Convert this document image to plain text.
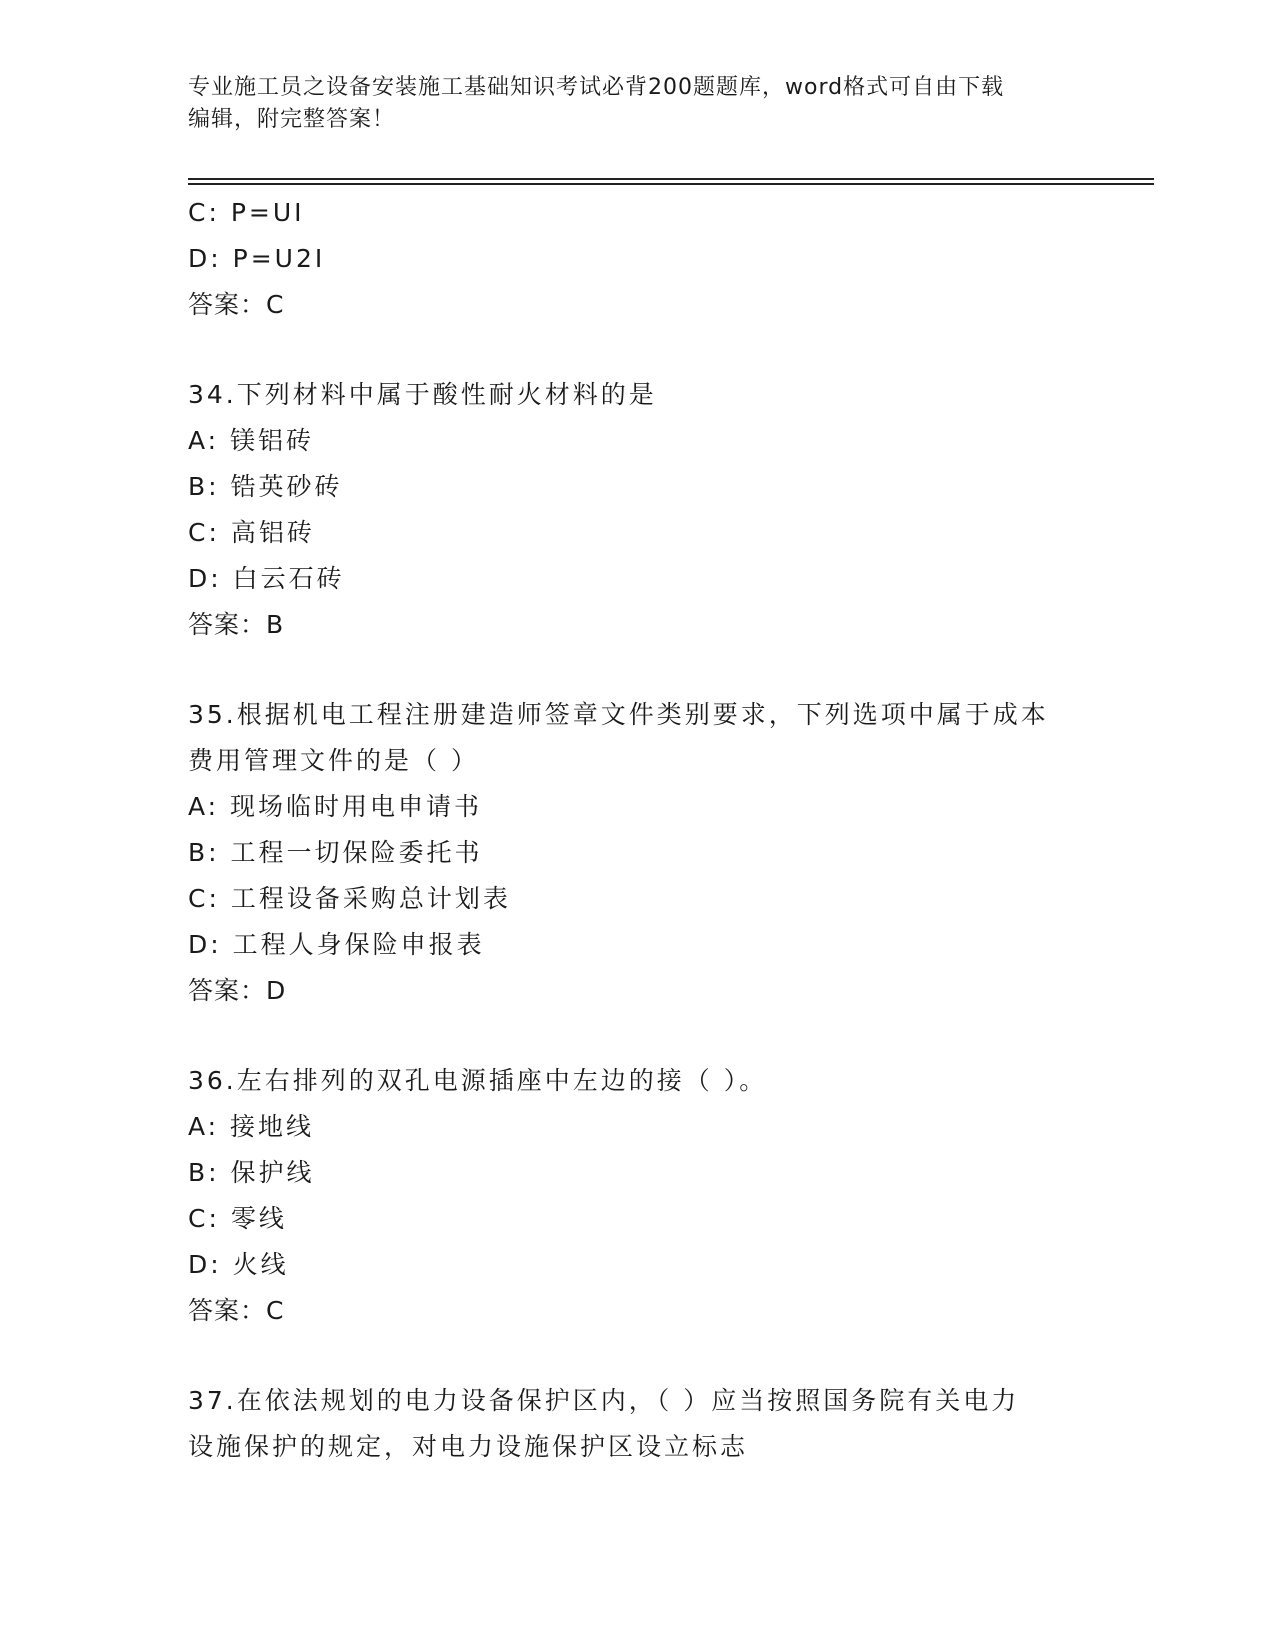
专业施工员之设备安装施工基础知识考试必背200题题库，word格式可自由下载
编辑，附完整答案！
C: P=UI
D: P=U2I
答案：C
34.下列材料中属于酸性耐火材料的是
A: 镁铝砖
B: 锆英砂砖
C: 高铝砖
D: 白云石砖
答案：B
35.根据机电工程注册建造师签章文件类别要求，下列选项中属于成本
费用管理文件的是（ ）
A: 现场临时用电申请书
B: 工程一切保险委托书
C: 工程设备采购总计划表
D: 工程人身保险申报表
答案：D
36.左右排列的双孔电源插座中左边的接（ ）。
A: 接地线
B: 保护线
C: 零线
D: 火线
答案：C
37.在依法规划的电力设备保护区内，（ ）应当按照国务院有关电力
设施保护的规定，对电力设施保护区设立标志
